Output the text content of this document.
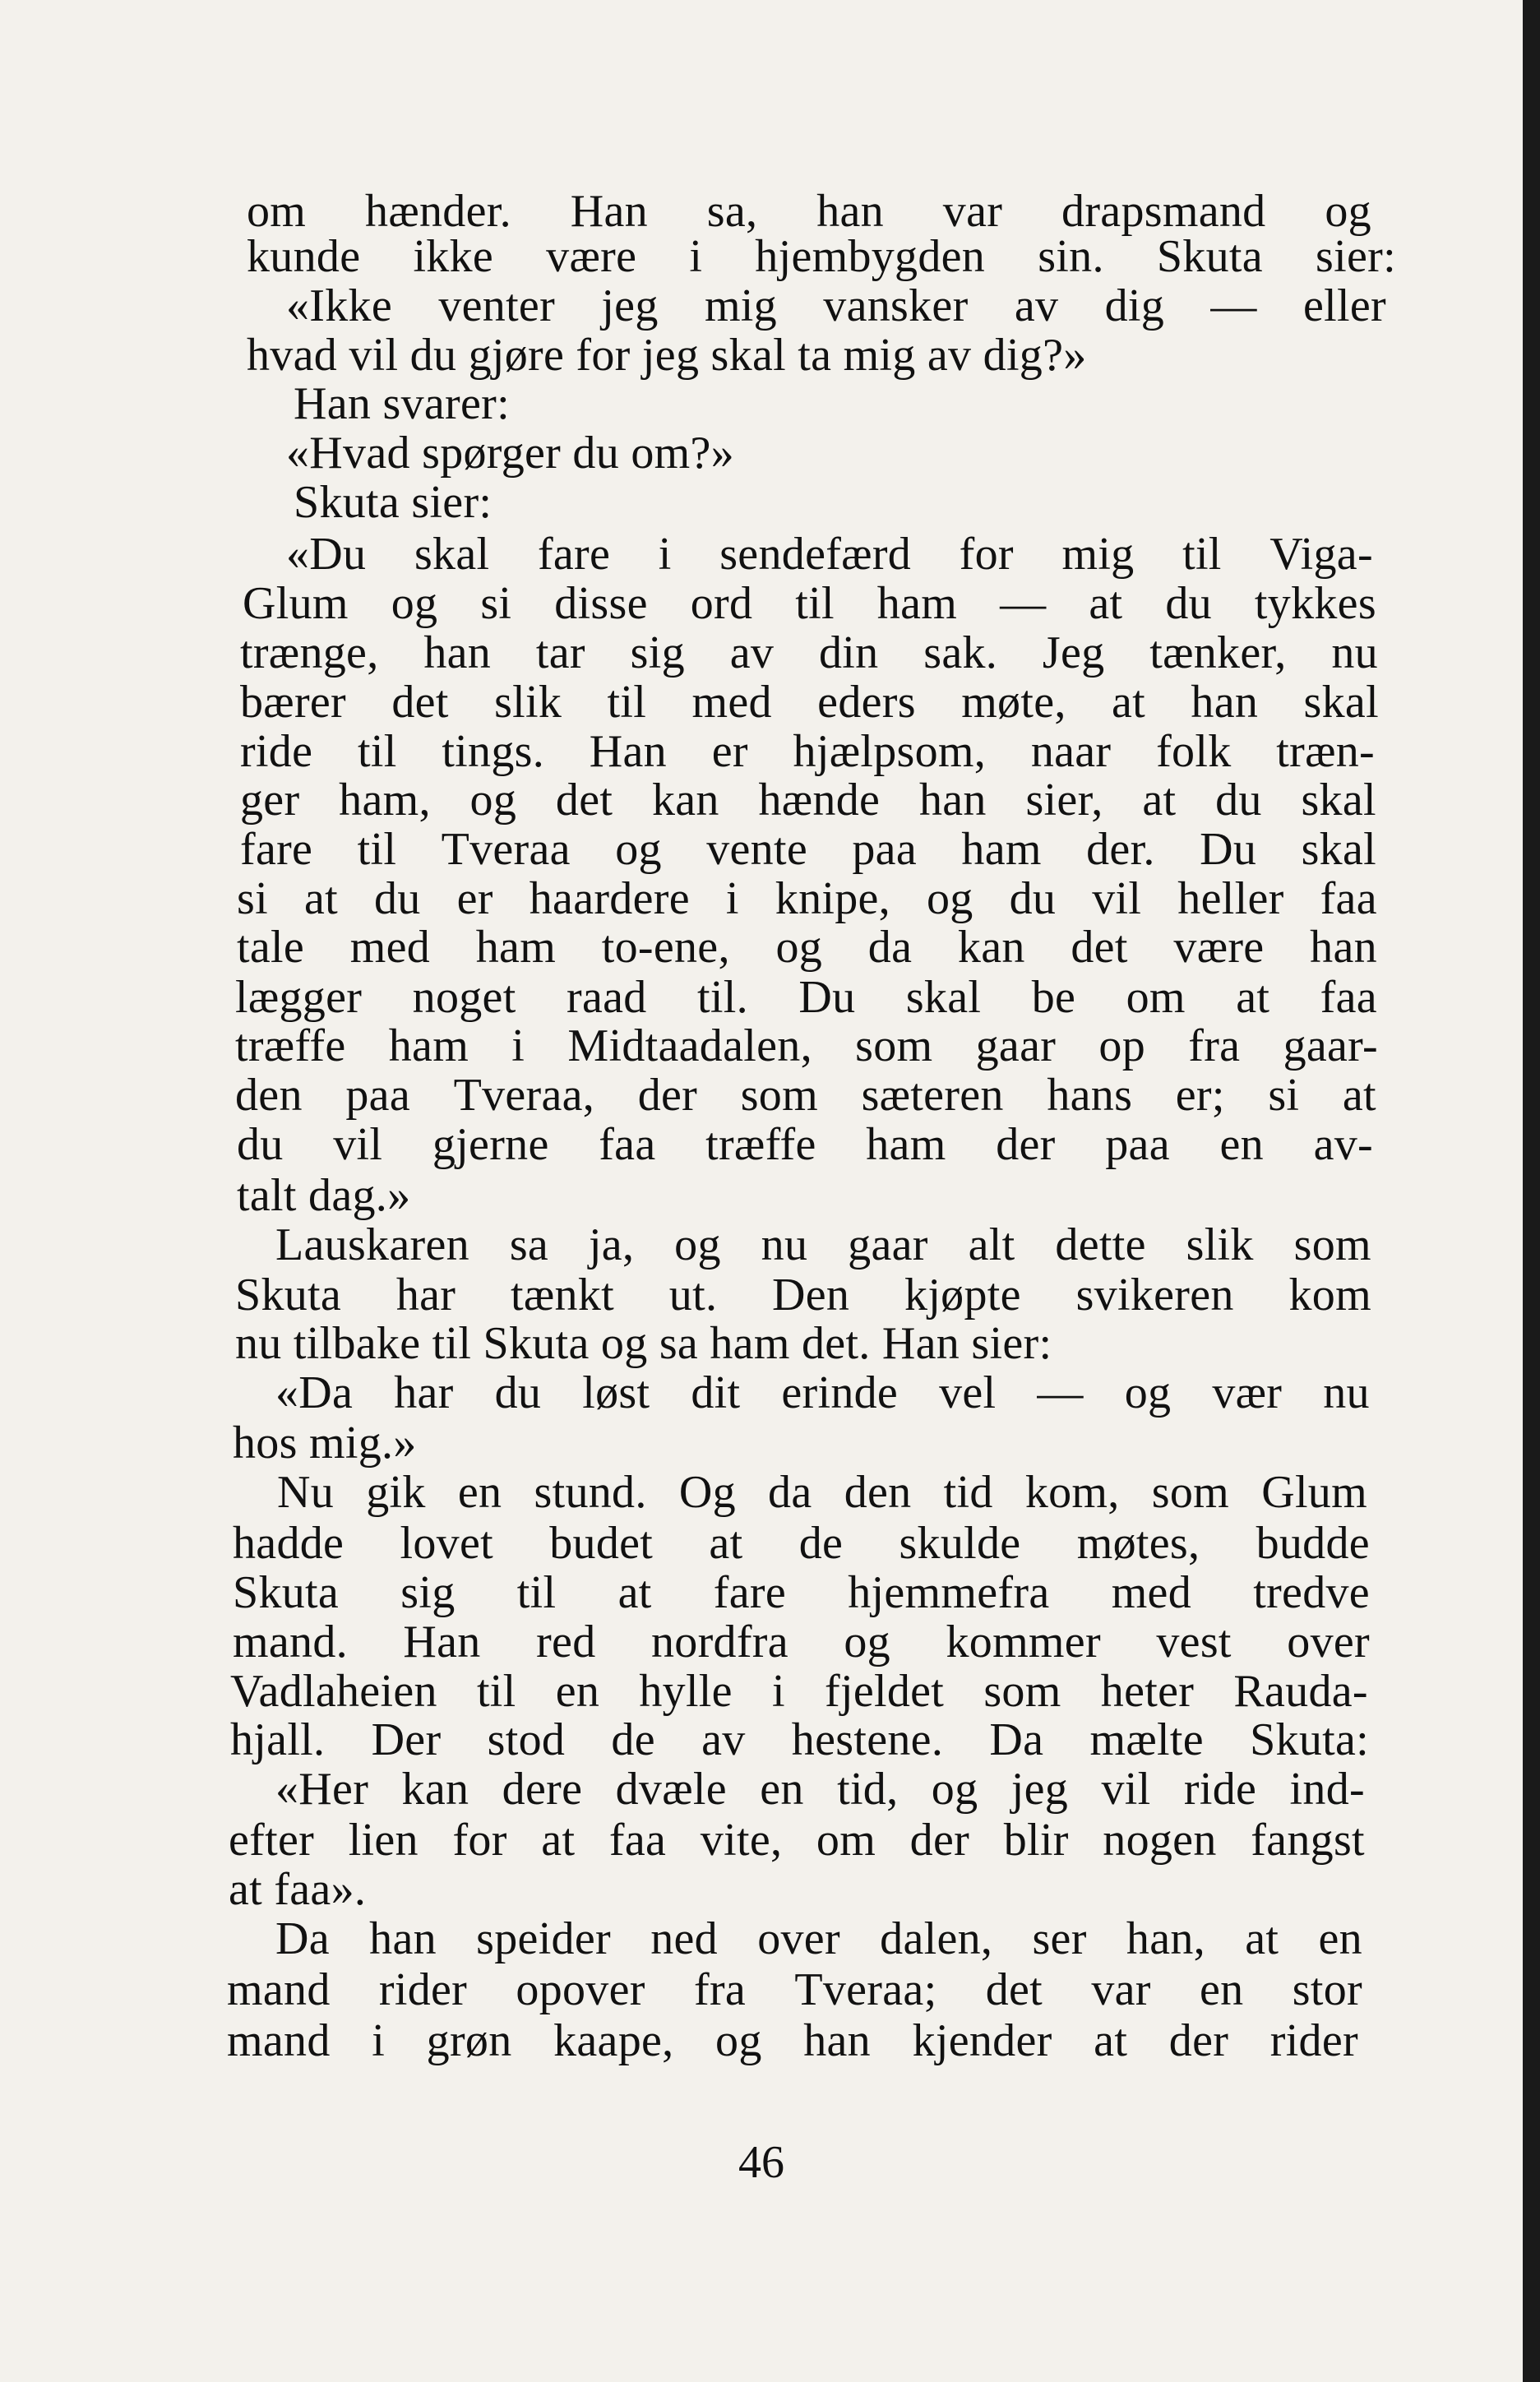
om hænder. Han sa, han var drapsmand og
kunde ikke være i hjembygden sin. Skuta sier:
«Ikke venter jeg mig vansker av dig — eller
hvad vil du gjøre for jeg skal ta mig av dig?»
Han svarer:
«Hvad spørger du om?»
Skuta sier:
«Du skal fare i sendefærd for mig til Viga-
Glum og si disse ord til ham — at du tykkes
trænge, han tar sig av din sak. Jeg tænker, nu
bærer det slik til med eders møte, at han skal
ride til tings. Han er hjælpsom, naar folk træn-
ger ham, og det kan hænde han sier, at du skal
fare til Tveraa og vente paa ham der. Du skal
si at du er haardere i knipe, og du vil heller faa
tale med ham to-ene, og da kan det være han
lægger noget raad til. Du skal be om at faa
træffe ham i Midtaadalen, som gaar op fra gaar-
den paa Tveraa, der som sæteren hans er; si at
du vil gjerne faa træffe ham der paa en av-
talt dag.»
Lauskaren sa ja, og nu gaar alt dette slik som
Skuta har tænkt ut. Den kjøpte svikeren kom
nu tilbake til Skuta og sa ham det. Han sier:
«Da har du løst dit erinde vel — og vær nu
hos mig.»
Nu gik en stund. Og da den tid kom, som Glum
hadde lovet budet at de skulde møtes, budde
Skuta sig til at fare hjemmefra med tredve
mand. Han red nordfra og kommer vest over
Vadlaheien til en hylle i fjeldet som heter Rauda-
hjall. Der stod de av hestene. Da mælte Skuta:
«Her kan dere dvæle en tid, og jeg vil ride ind-
efter lien for at faa vite, om der blir nogen fangst
at faa».
Da han speider ned over dalen, ser han, at en
mand rider opover fra Tveraa; det var en stor
mand i grøn kaape, og han kjender at der rider
46
